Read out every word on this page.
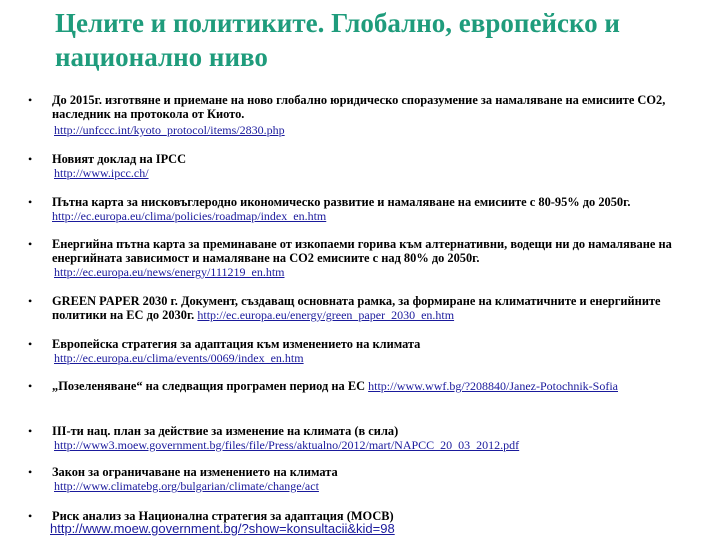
Целите и политиките. Глобално, европейско и национално ниво
• До 2015г. изготвяне и приемане на ново глобално юридическо споразумение за намаляване на емисиите CO2, наследник на протокола от Киото.
http://unfccc.int/kyoto_protocol/items/2830.php
• Новият доклад на IPCC
http://www.ipcc.ch/
• Пътна карта за нисковъглеродно икономическо развитие и намаляване на емисиите с 80-95% до 2050г. http://ec.europa.eu/clima/policies/roadmap/index_en.htm
• Енергийна пътна карта за преминаване от изкопаеми горива към алтернативни, водещи ни до намаляване на енергийната зависимост и намаляване на CO2 емисиите с над 80% до 2050г.
http://ec.europa.eu/news/energy/111219_en.htm
• GREEN PAPER 2030 г. Документ, създаващ основната рамка, за формиране на климатичните и енергийните политики на ЕС до 2030г. http://ec.europa.eu/energy/green_paper_2030_en.htm
• Европейска стратегия за адаптация към изменението на климата
http://ec.europa.eu/clima/events/0069/index_en.htm
• „Позеленяване“ на следващия програмен период на ЕС http://www.wwf.bg/?208840/Janez-Potochnik-Sofia
• III-ти нац. план за действие за изменение на климата (в сила)
http://www3.moew.government.bg/files/file/Press/aktualno/2012/mart/NAPCC_20_03_2012.pdf
• Закон за ограничаване на изменението на климата
http://www.climatebg.org/bulgarian/climate/change/act
• Риск анализ за Национална стратегия за адаптация (МОСВ)
http://www.moew.government.bg/?show=konsultacii&kid=98
